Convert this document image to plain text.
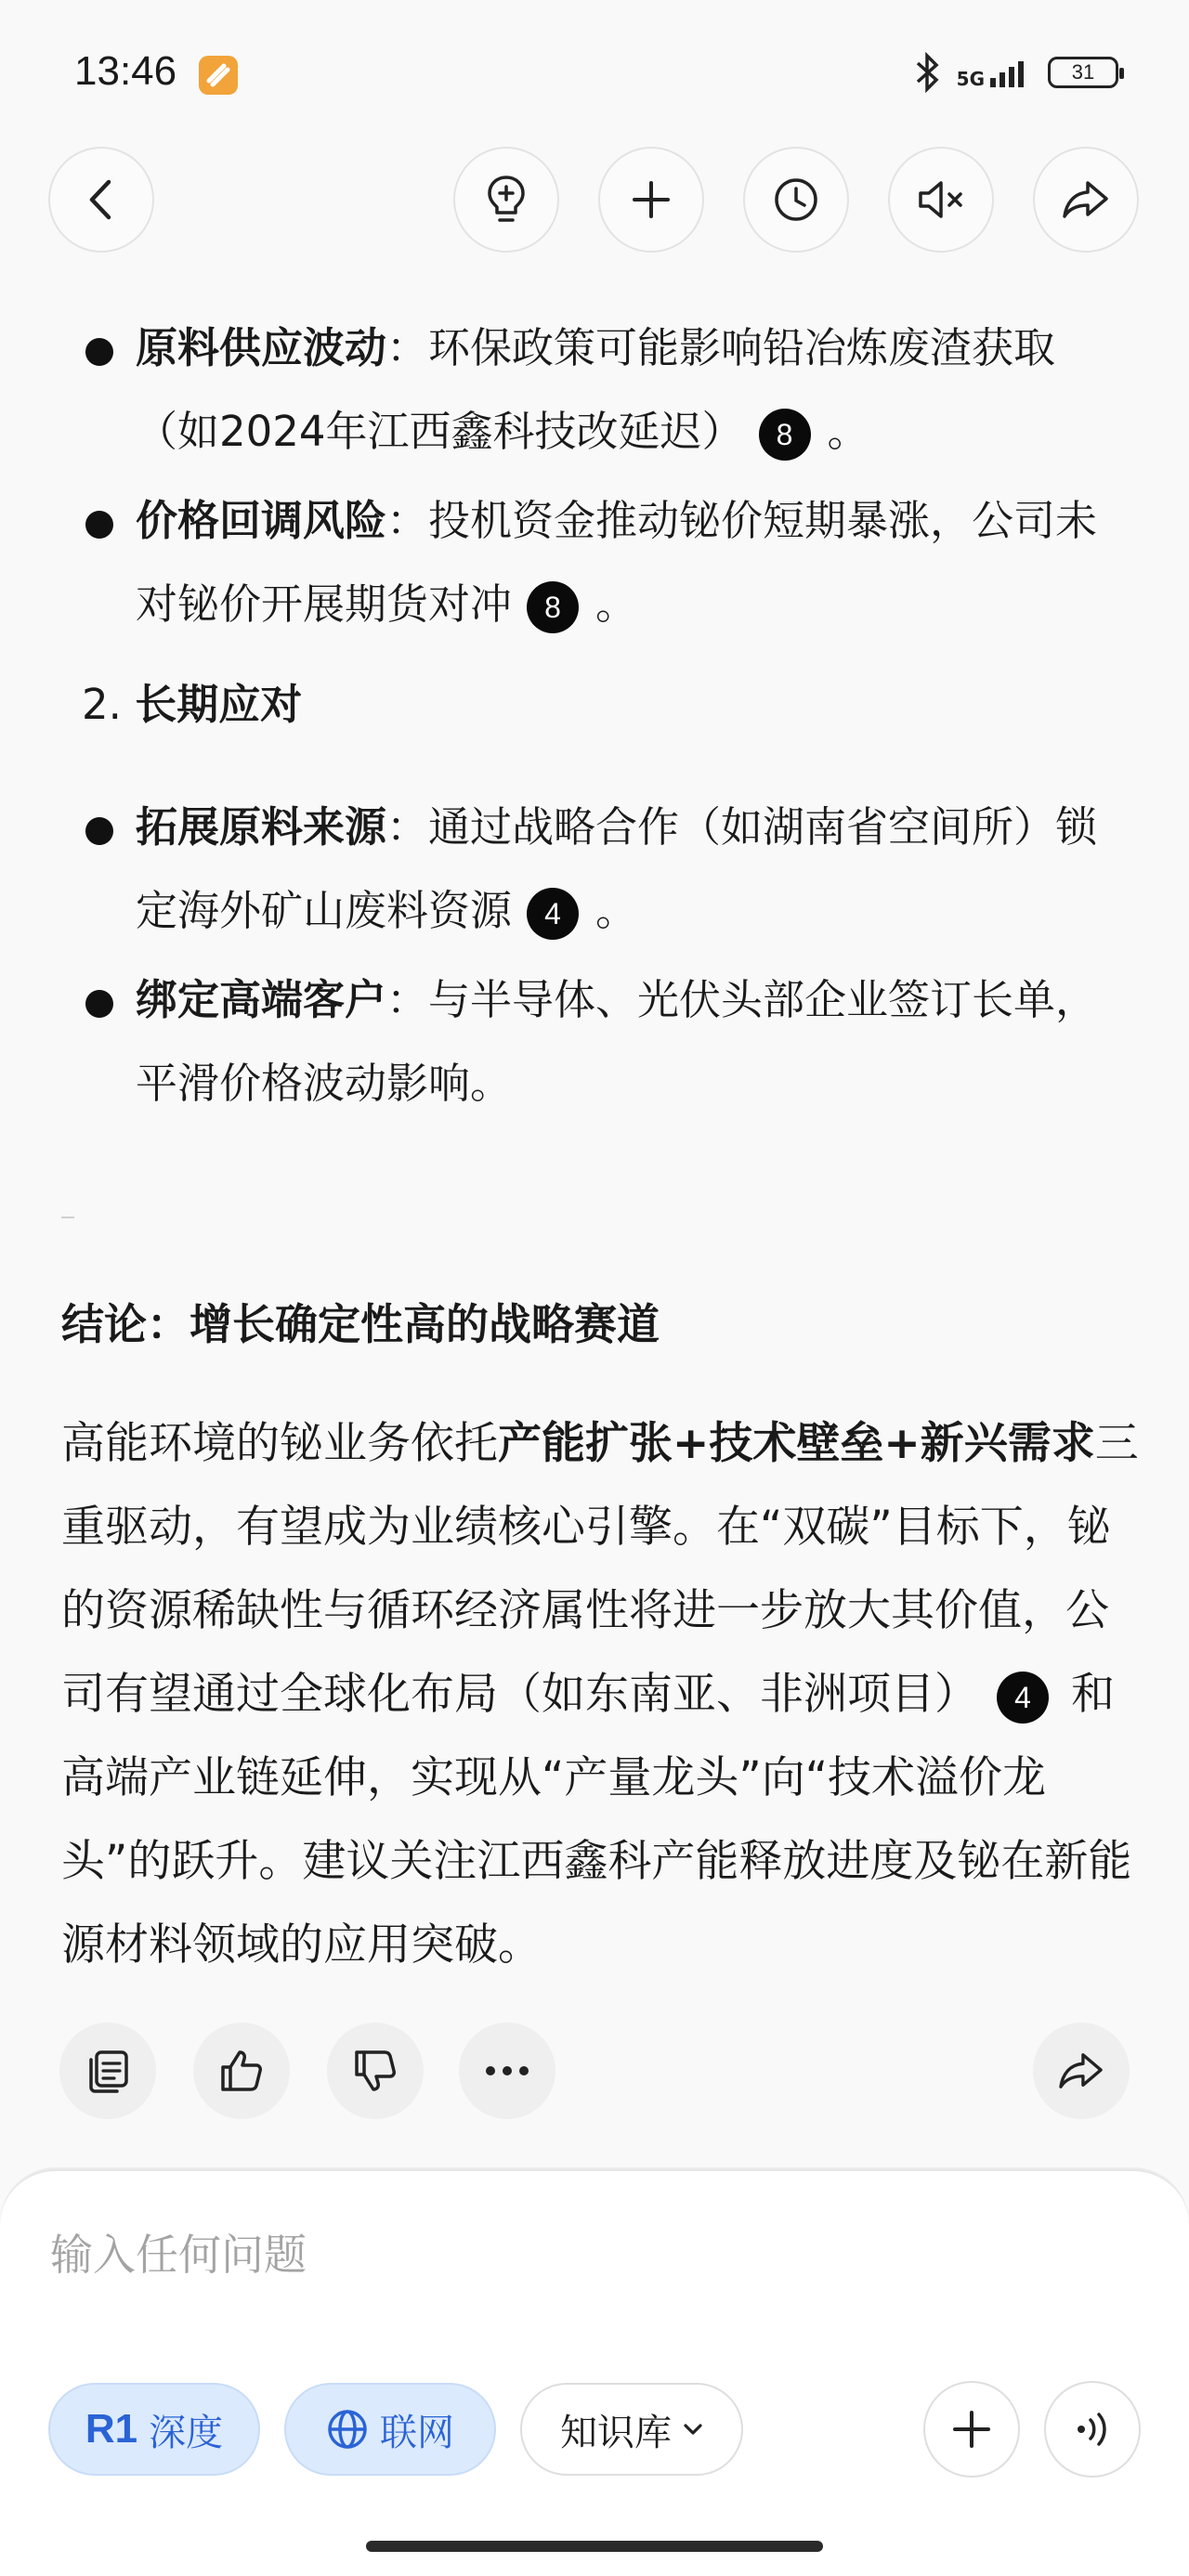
13:46	5G	31
原料供应波动：环保政策可能影响铅冶炼废渣获取（如2024年江西鑫科技改延迟） 8 。
价格回调风险：投机资金推动铋价短期暴涨，公司未对铋价开展期货对冲 8 。
2. 长期应对
拓展原料来源：通过战略合作（如湖南省空间所）锁定海外矿山废料资源 4 。
绑定高端客户：与半导体、光伏头部企业签订长单，平滑价格波动影响。
结论：增长确定性高的战略赛道
高能环境的铋业务依托产能扩张+技术壁垒+新兴需求三重驱动，有望成为业绩核心引擎。在“双碳”目标下，铋的资源稀缺性与循环经济属性将进一步放大其价值，公司有望通过全球化布局（如东南亚、非洲项目） 4 和高端产业链延伸，实现从“产量龙头”向“技术溢价龙头”的跃升。建议关注江西鑫科产能释放进度及铋在新能源材料领域的应用突破。
输入任何问题
R1 深度	联网	知识库
